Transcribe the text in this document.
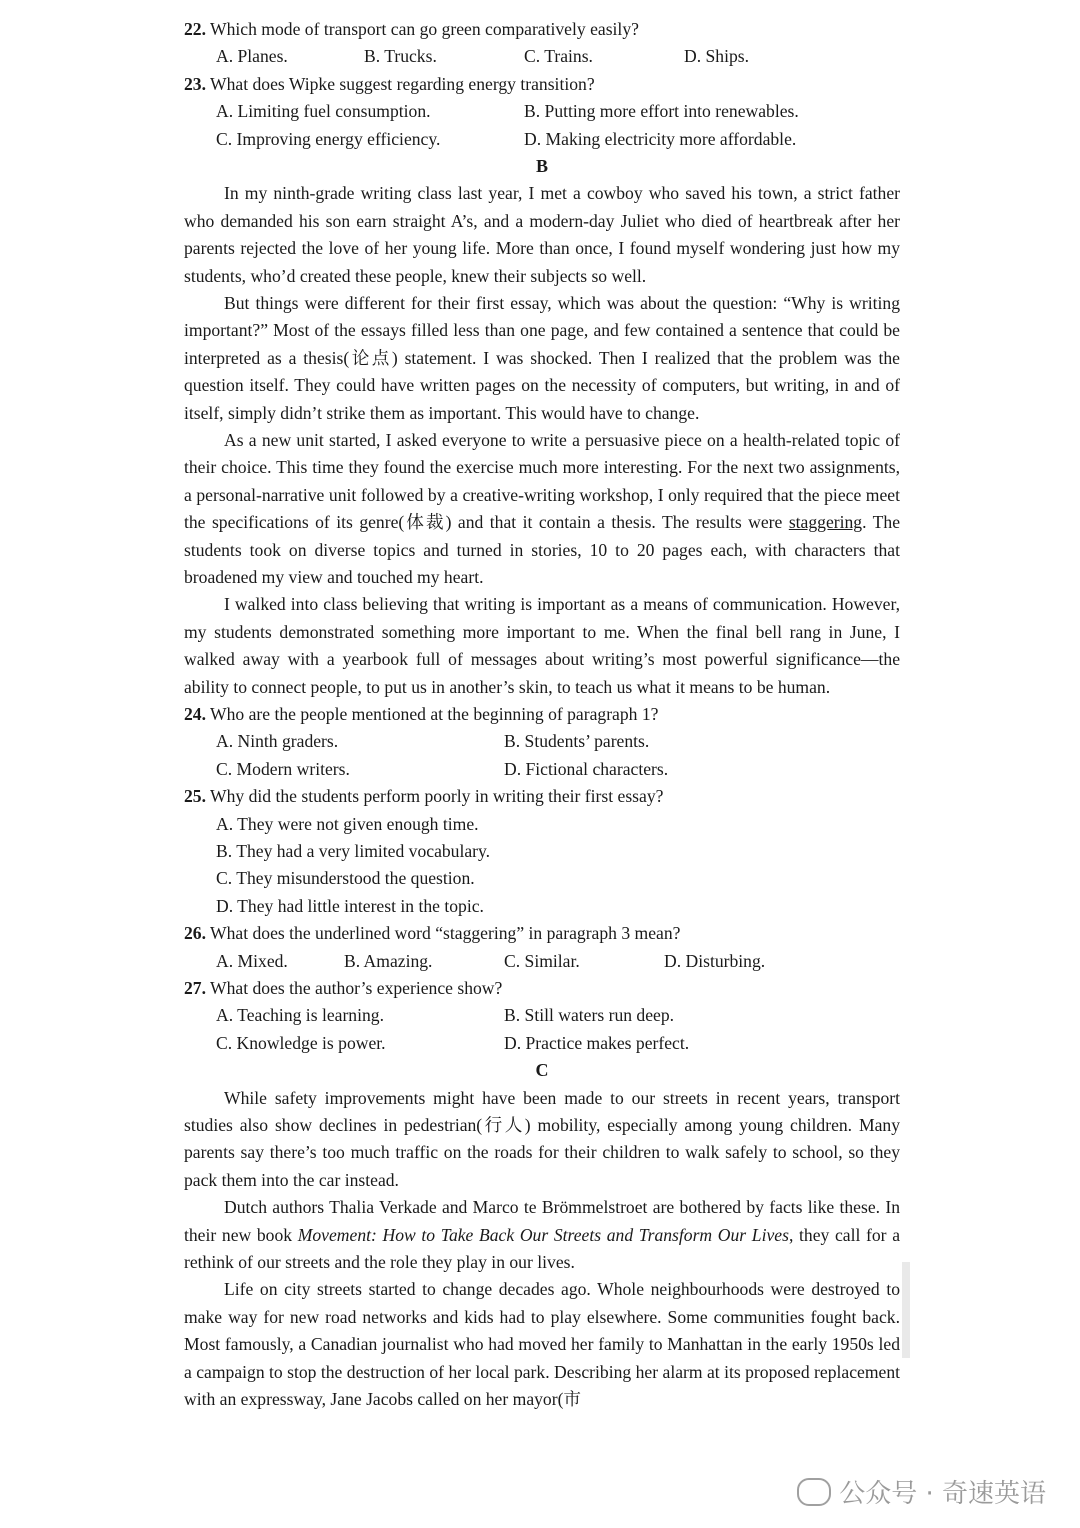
22. Which mode of transport can go green comparatively easily?
A. Planes.	B. Trucks.	C. Trains.	D. Ships.
23. What does Wipke suggest regarding energy transition?
A. Limiting fuel consumption.	B. Putting more effort into renewables.
C. Improving energy efficiency.	D. Making electricity more affordable.
B

In my ninth-grade writing class last year, I met a cowboy who saved his town, a strict father who demanded his son earn straight A’s, and a modern-day Juliet who died of heartbreak after her parents rejected the love of her young life. More than once, I found myself wondering just how my students, who’d created these people, knew their subjects so well.

But things were different for their first essay, which was about the question: “Why is writing important?” Most of the essays filled less than one page, and few contained a sentence that could be interpreted as a thesis(论点) statement. I was shocked. Then I realized that the problem was the question itself. They could have written pages on the necessity of computers, but writing, in and of itself, simply didn’t strike them as important. This would have to change.

As a new unit started, I asked everyone to write a persuasive piece on a health-related topic of their choice. This time they found the exercise much more interesting. For the next two assignments, a personal-narrative unit followed by a creative-writing workshop, I only required that the piece meet the specifications of its genre(体裁) and that it contain a thesis. The results were staggering. The students took on diverse topics and turned in stories, 10 to 20 pages each, with characters that broadened my view and touched my heart.

I walked into class believing that writing is important as a means of communication. However, my students demonstrated something more important to me. When the final bell rang in June, I walked away with a yearbook full of messages about writing’s most powerful significance—the ability to connect people, to put us in another’s skin, to teach us what it means to be human.

24. Who are the people mentioned at the beginning of paragraph 1?
A. Ninth graders.	B. Students’ parents.
C. Modern writers.	D. Fictional characters.
25. Why did the students perform poorly in writing their first essay?
A. They were not given enough time.
B. They had a very limited vocabulary.
C. They misunderstood the question.
D. They had little interest in the topic.
26. What does the underlined word “staggering” in paragraph 3 mean?
A. Mixed.	B. Amazing.	C. Similar.	D. Disturbing.
27. What does the author’s experience show?
A. Teaching is learning.	B. Still waters run deep.
C. Knowledge is power.	D. Practice makes perfect.
C

While safety improvements might have been made to our streets in recent years, transport studies also show declines in pedestrian(行人) mobility, especially among young children. Many parents say there’s too much traffic on the roads for their children to walk safely to school, so they pack them into the car instead.

Dutch authors Thalia Verkade and Marco te Brömmelstroet are bothered by facts like these. In their new book Movement: How to Take Back Our Streets and Transform Our Lives, they call for a rethink of our streets and the role they play in our lives.

Life on city streets started to change decades ago. Whole neighbourhoods were destroyed to make way for new road networks and kids had to play elsewhere. Some communities fought back. Most famously, a Canadian journalist who had moved her family to Manhattan in the early 1950s led a campaign to stop the destruction of her local park. Describing her alarm at its proposed replacement with an expressway, Jane Jacobs called on her mayor(市

公众号 · 奇速英语
